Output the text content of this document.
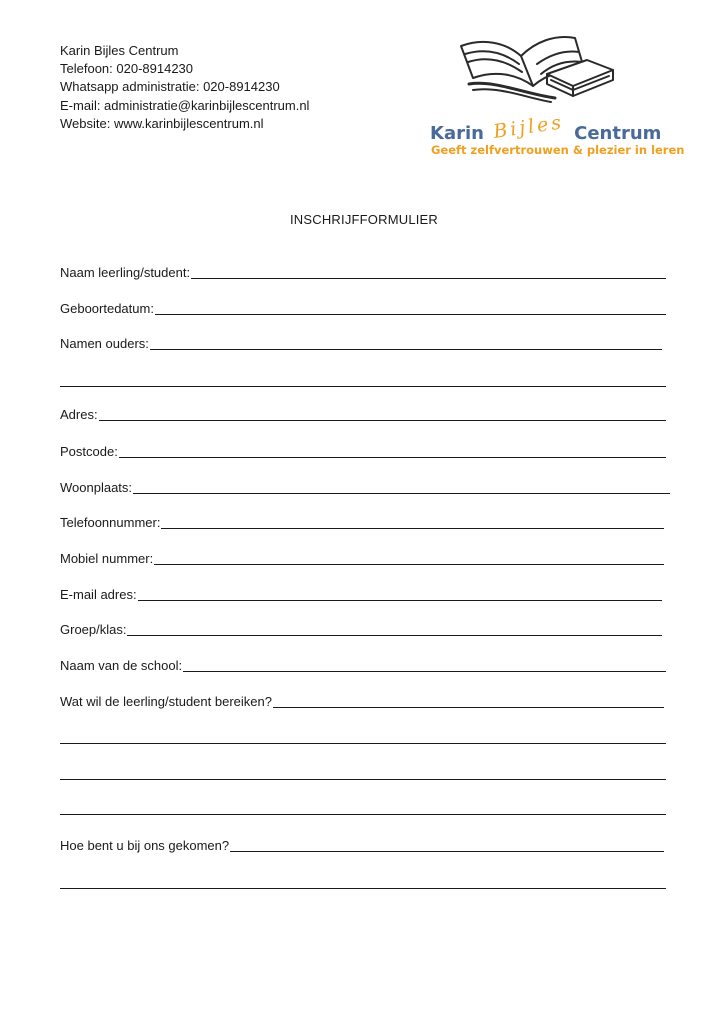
Karin Bijles Centrum
Telefoon: 020-8914230
Whatsapp administratie: 020-8914230
E-mail: administratie@karinbijlescentrum.nl
Website: www.karinbijlescentrum.nl	Karin Bijles Centrum
Geeft zelfvertrouwen & plezier in leren
INSCHRIJFFORMULIER
Naam leerling/student:
Geboortedatum:
Namen ouders:
Adres:
Postcode:
Woonplaats:
Telefoonnummer:
Mobiel nummer:
E-mail adres:
Groep/klas:
Naam van de school:
Wat wil de leerling/student bereiken?
Hoe bent u bij ons gekomen?
